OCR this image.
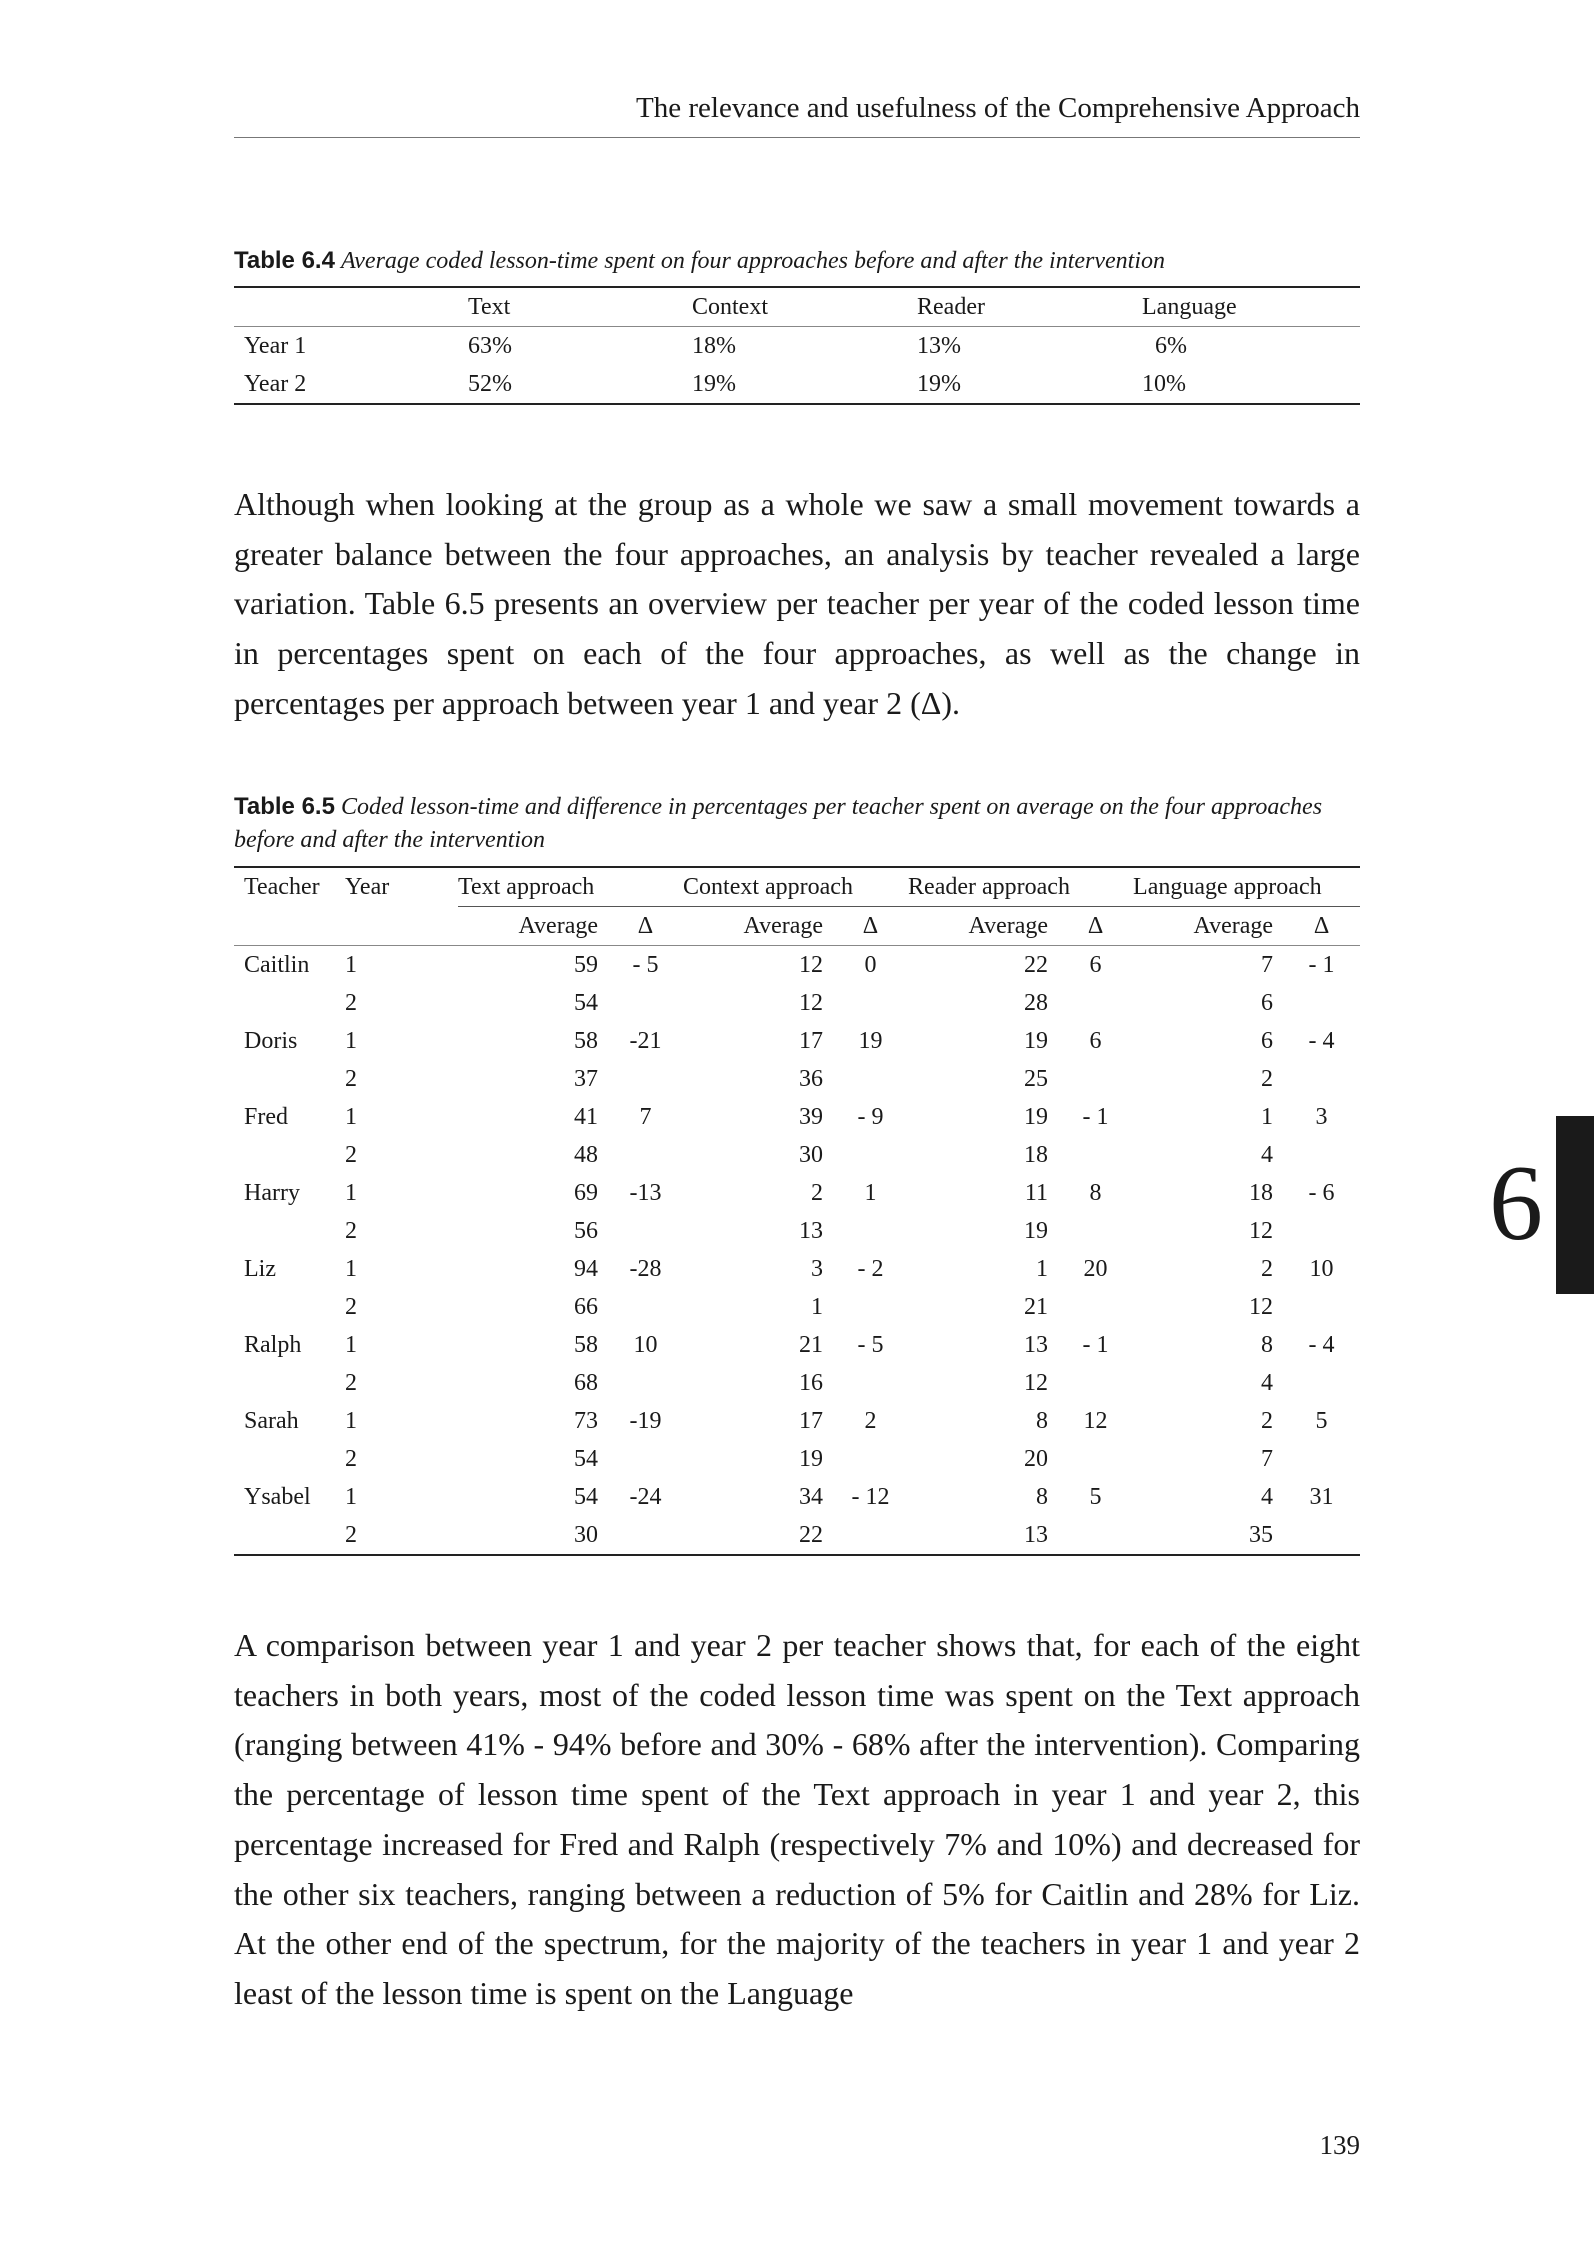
The relevance and usefulness of the Comprehensive Approach
Table 6.4 Average coded lesson-time spent on four approaches before and after the intervention
	Text	Context	Reader	Language
Year 1	63%	18%	13%	6%
Year 2	52%	19%	19%	10%
Although when looking at the group as a whole we saw a small movement towards a greater balance between the four approaches, an analysis by teacher revealed a large variation. Table 6.5 presents an overview per teacher per year of the coded lesson time in percentages spent on each of the four approaches, as well as the change in percentages per approach between year 1 and year 2 (Δ).
Table 6.5 Coded lesson-time and difference in percentages per teacher spent on average on the four approaches before and after the intervention
Teacher	Year	Text approach		Context approach		Reader approach		Language approach	
		Average	Δ	Average	Δ	Average	Δ	Average	Δ
Caitlin	1	59	- 5	12	0	22	6	7	- 1
	2	54		12		28		6	
Doris	1	58	-21	17	19	19	6	6	- 4
	2	37		36		25		2	
Fred	1	41	7	39	- 9	19	- 1	1	3
	2	48		30		18		4	
Harry	1	69	-13	2	1	11	8	18	- 6
	2	56		13		19		12	
Liz	1	94	-28	3	- 2	1	20	2	10
	2	66		1		21		12	
Ralph	1	58	10	21	- 5	13	- 1	8	- 4
	2	68		16		12		4	
Sarah	1	73	-19	17	2	8	12	2	5
	2	54		19		20		7	
Ysabel	1	54	-24	34	- 12	8	5	4	31
	2	30		22		13		35	
A comparison between year 1 and year 2 per teacher shows that, for each of the eight teachers in both years, most of the coded lesson time was spent on the Text approach (ranging between 41% - 94% before and 30% - 68% after the intervention). Comparing the percentage of lesson time spent of the Text approach in year 1 and year 2, this percentage increased for Fred and Ralph (respectively 7% and 10%) and decreased for the other six teachers, ranging between a reduction of 5% for Caitlin and 28% for Liz. At the other end of the spectrum, for the majority of the teachers in year 1 and year 2 least of the lesson time is spent on the Language
139
6
